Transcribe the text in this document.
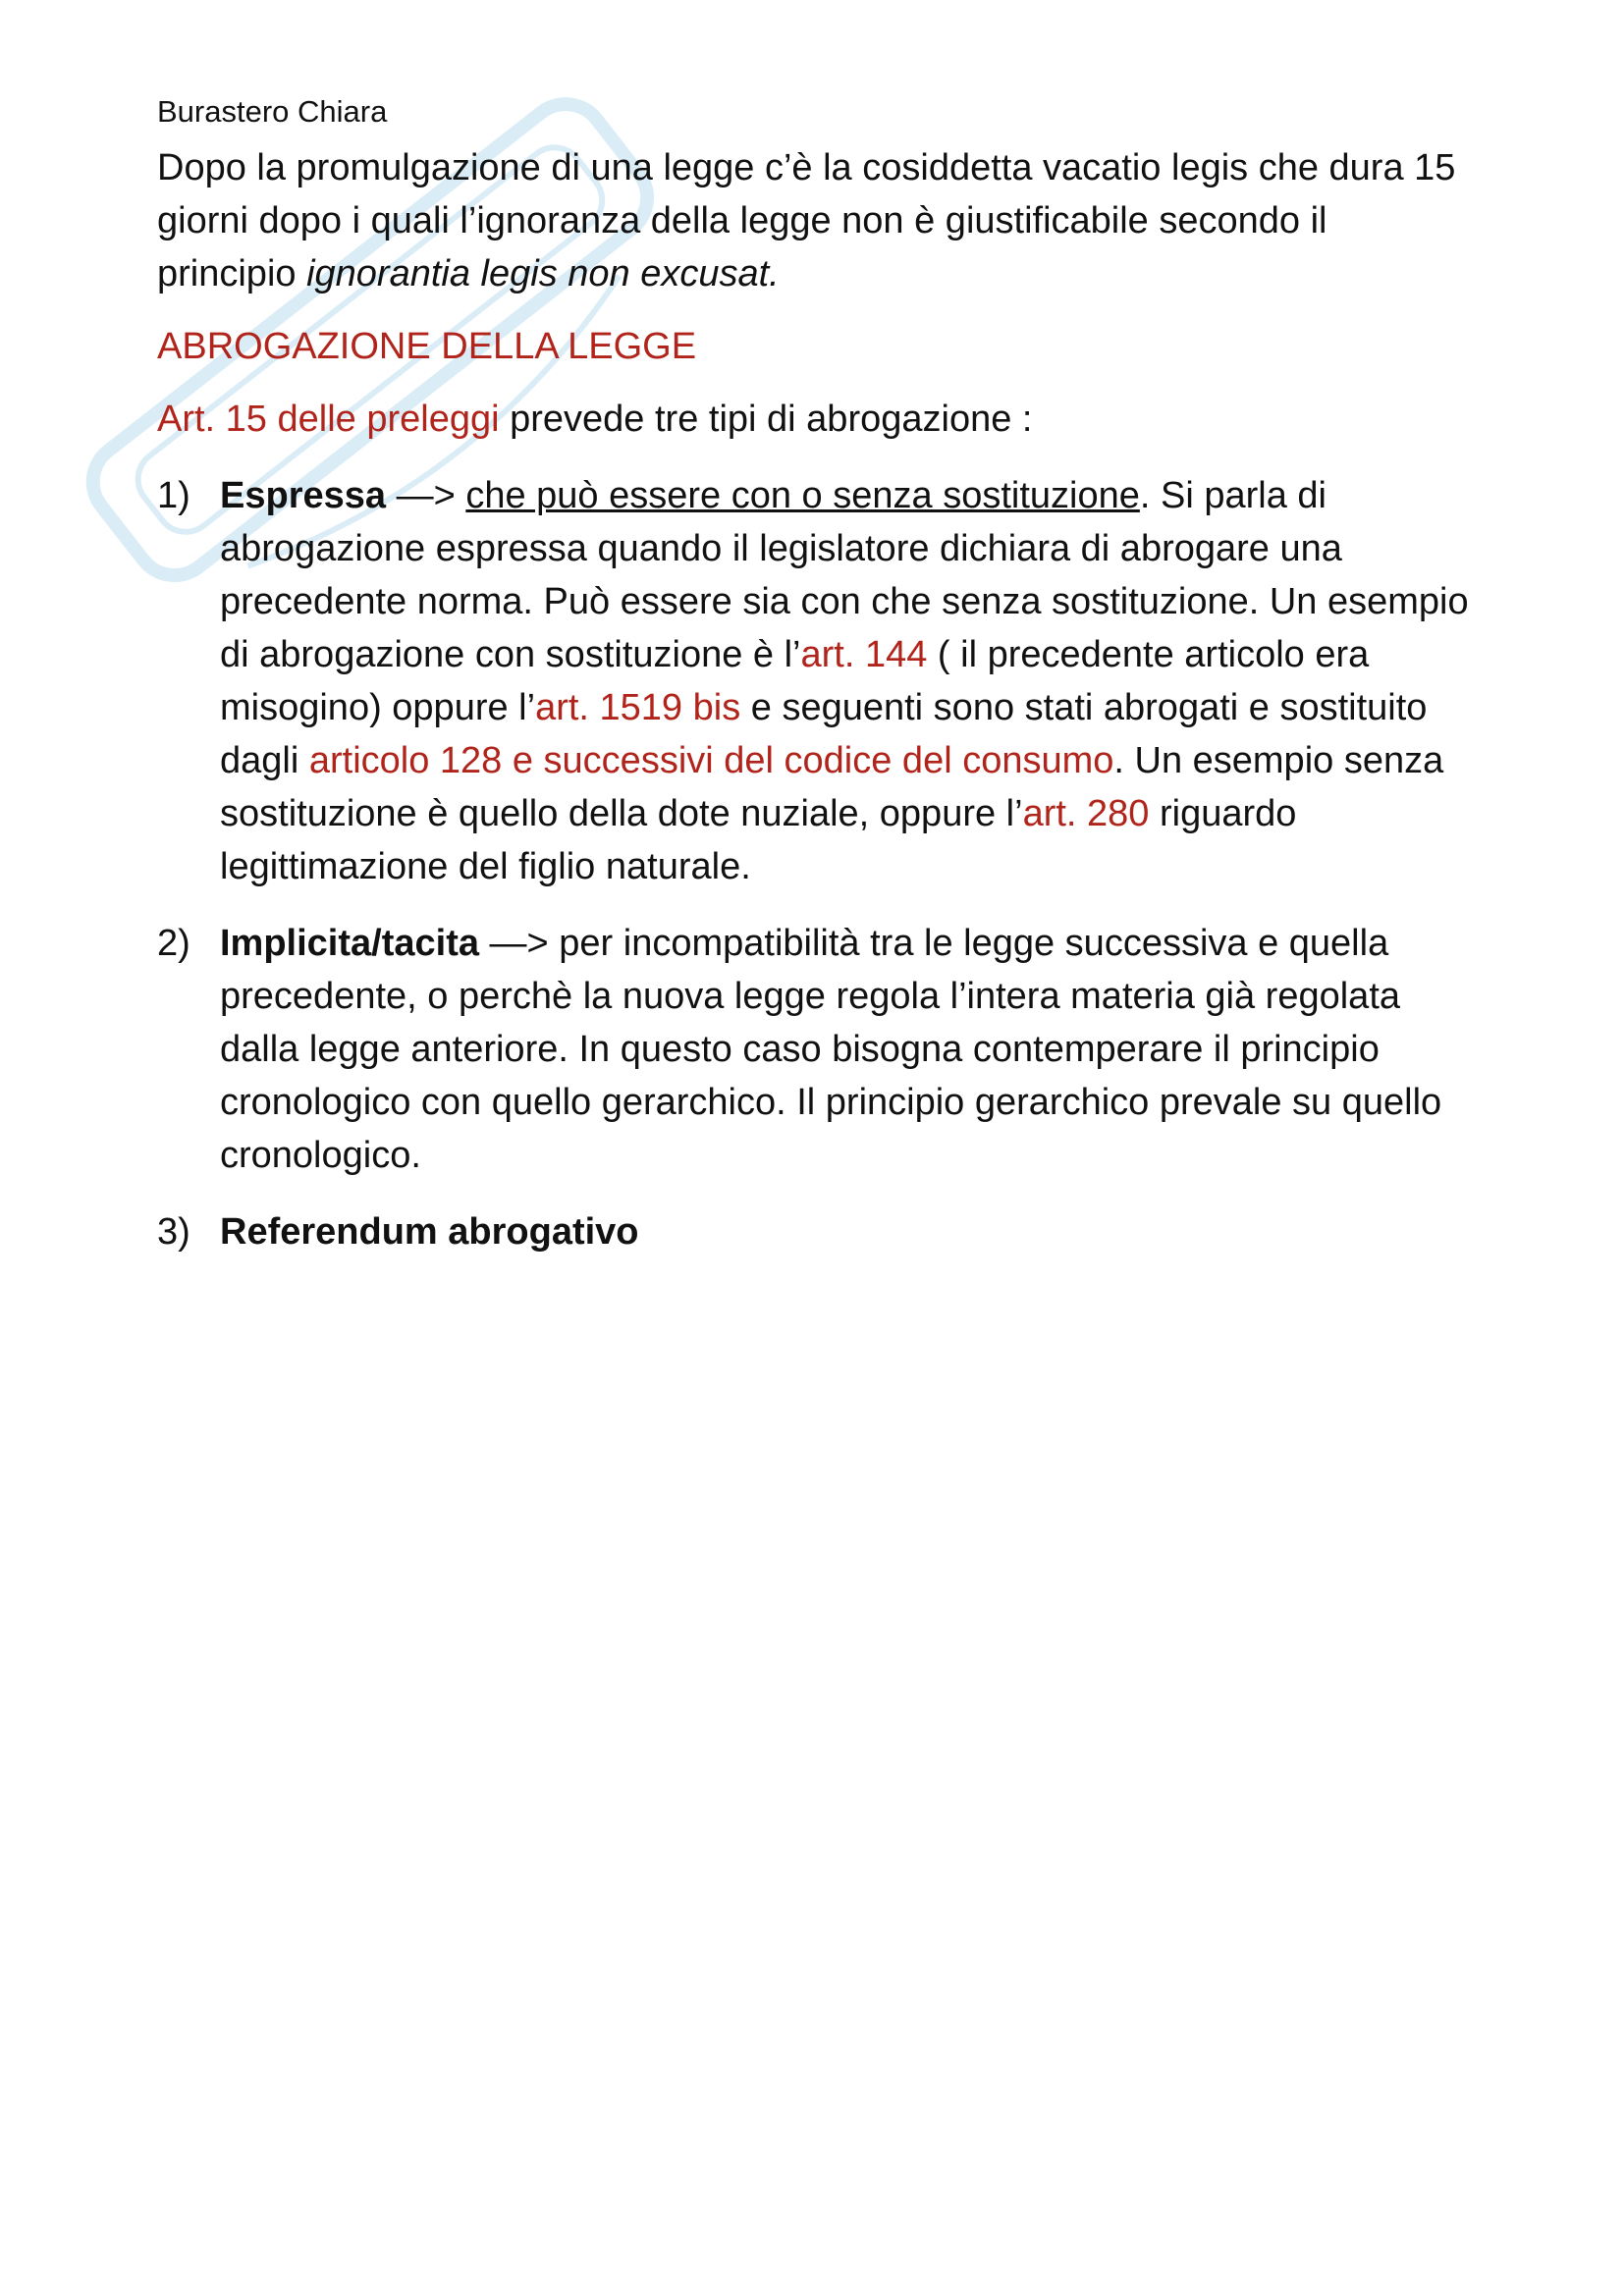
Burastero Chiara

Dopo la promulgazione di una legge c’è la cosiddetta vacatio legis che dura 15 giorni dopo i quali l’ignoranza della legge non è giustificabile secondo il principio ignorantia legis non excusat.

ABROGAZIONE DELLA LEGGE
Art. 15 delle preleggi prevede tre tipi di abrogazione :
1) Espressa —> che può essere con o senza sostituzione. Si parla di abrogazione espressa quando il legislatore dichiara di abrogare una precedente norma. Può essere sia con che senza sostituzione. Un esempio di abrogazione con sostituzione è l’art. 144 ( il precedente articolo era misogino) oppure l’art. 1519 bis e seguenti sono stati abrogati e sostituito dagli articolo 128 e successivi del codice del consumo. Un esempio senza sostituzione è quello della dote nuziale, oppure l’art. 280 riguardo legittimazione del figlio naturale.
2) Implicita/tacita —> per incompatibilità tra le legge successiva e quella precedente, o perchè la nuova legge regola l’intera materia già regolata dalla legge anteriore. In questo caso bisogna contemperare il principio cronologico con quello gerarchico. Il principio gerarchico prevale su quello cronologico.
3) Referendum abrogativo
